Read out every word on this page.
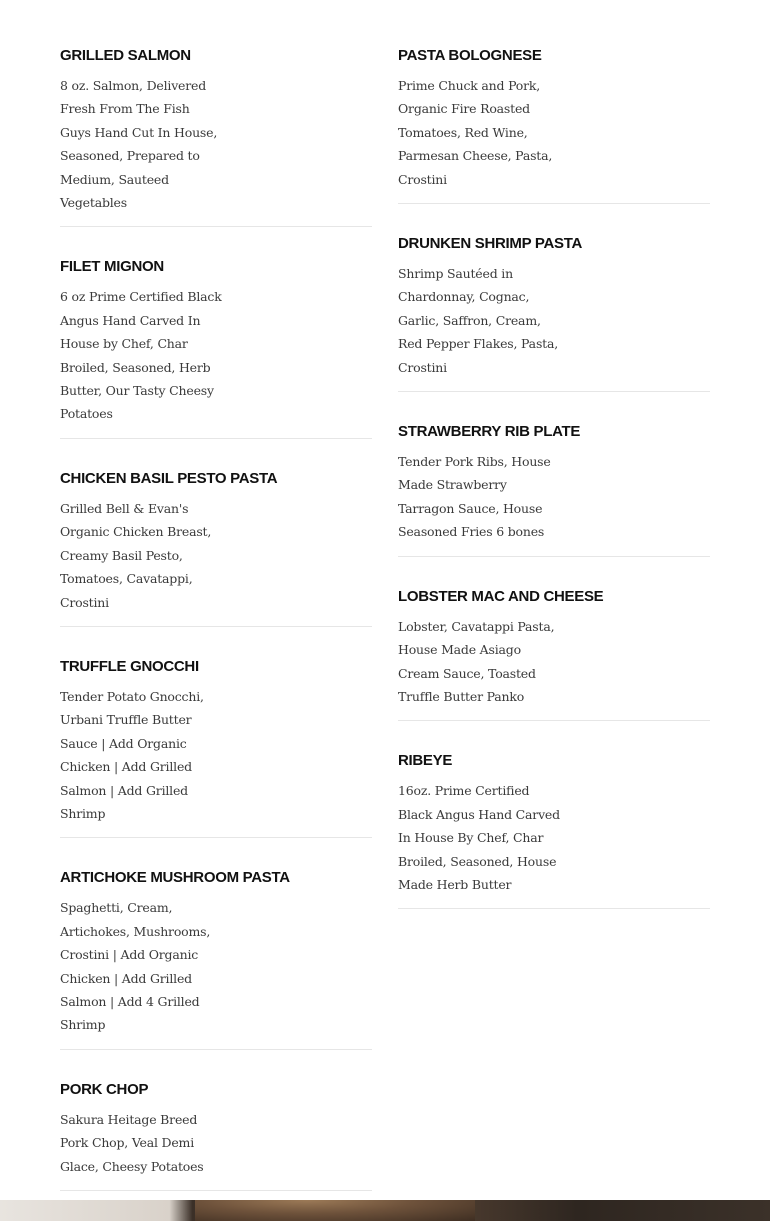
GRILLED SALMON
8 oz. Salmon, Delivered Fresh From The Fish Guys Hand Cut In House, Seasoned, Prepared to Medium, Sauteed Vegetables
FILET MIGNON
6 oz Prime Certified Black Angus Hand Carved In House by Chef, Char Broiled, Seasoned, Herb Butter, Our Tasty Cheesy Potatoes
CHICKEN BASIL PESTO PASTA
Grilled Bell & Evan's Organic Chicken Breast, Creamy Basil Pesto, Tomatoes, Cavatappi, Crostini
TRUFFLE GNOCCHI
Tender Potato Gnocchi, Urbani Truffle Butter Sauce | Add Organic Chicken | Add Grilled Salmon | Add Grilled Shrimp
ARTICHOKE MUSHROOM PASTA
Spaghetti, Cream, Artichokes, Mushrooms, Crostini | Add Organic Chicken | Add Grilled Salmon | Add 4 Grilled Shrimp
PORK CHOP
Sakura Heitage Breed Pork Chop, Veal Demi Glace, Cheesy Potatoes
PASTA BOLOGNESE
Prime Chuck and Pork, Organic Fire Roasted Tomatoes, Red Wine, Parmesan Cheese, Pasta, Crostini
DRUNKEN SHRIMP PASTA
Shrimp Sautéed in Chardonnay, Cognac, Garlic, Saffron, Cream, Red Pepper Flakes, Pasta, Crostini
STRAWBERRY RIB PLATE
Tender Pork Ribs, House Made Strawberry Tarragon Sauce, House Seasoned Fries 6 bones
LOBSTER MAC AND CHEESE
Lobster, Cavatappi Pasta, House Made Asiago Cream Sauce, Toasted Truffle Butter Panko
RIBEYE
16oz. Prime Certified Black Angus Hand Carved In House By Chef, Char Broiled, Seasoned, House Made Herb Butter
